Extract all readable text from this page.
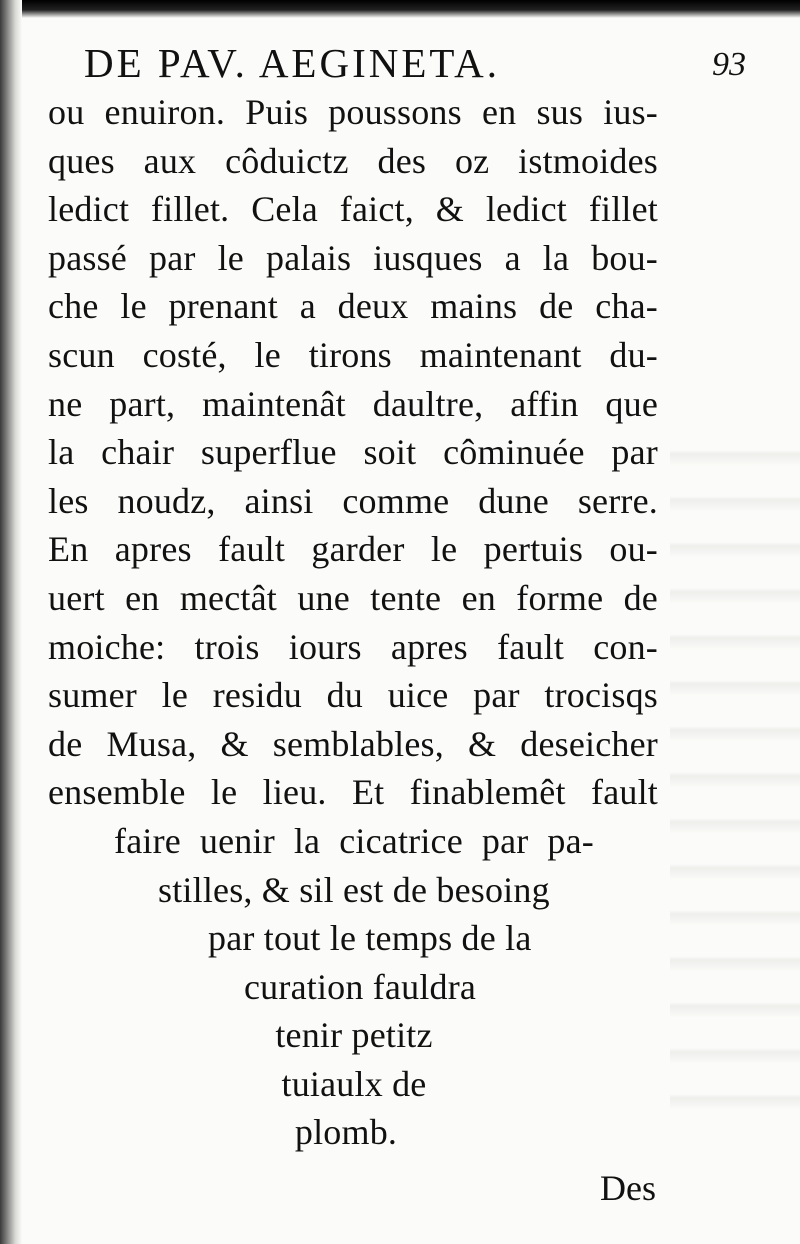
DE PAV. AEGINETA.	93
ou enuiron. Puis poussons en sus ius-
ques aux côduictz des oz istmoides
ledict fillet. Cela faict, & ledict fillet
passé par le palais iusques a la bou-
che le prenant a deux mains de cha-
scun costé, le tirons maintenant du-
ne part, maintenât daultre, affin que
la chair superflue soit côminuée par
les noudz, ainsi comme dune serre.
En apres fault garder le pertuis ou-
uert en mectât une tente en forme de
moiche: trois iours apres fault con-
sumer le residu du uice par trocisqs
de Musa, & semblables, & deseicher
ensemble le lieu. Et finablemêt fault
faire uenir la cicatrice par pa-
stilles, & sil est de besoing
par tout le temps de la
curation fauldra
tenir petitz
tuiaulx de
plomb.
Des
